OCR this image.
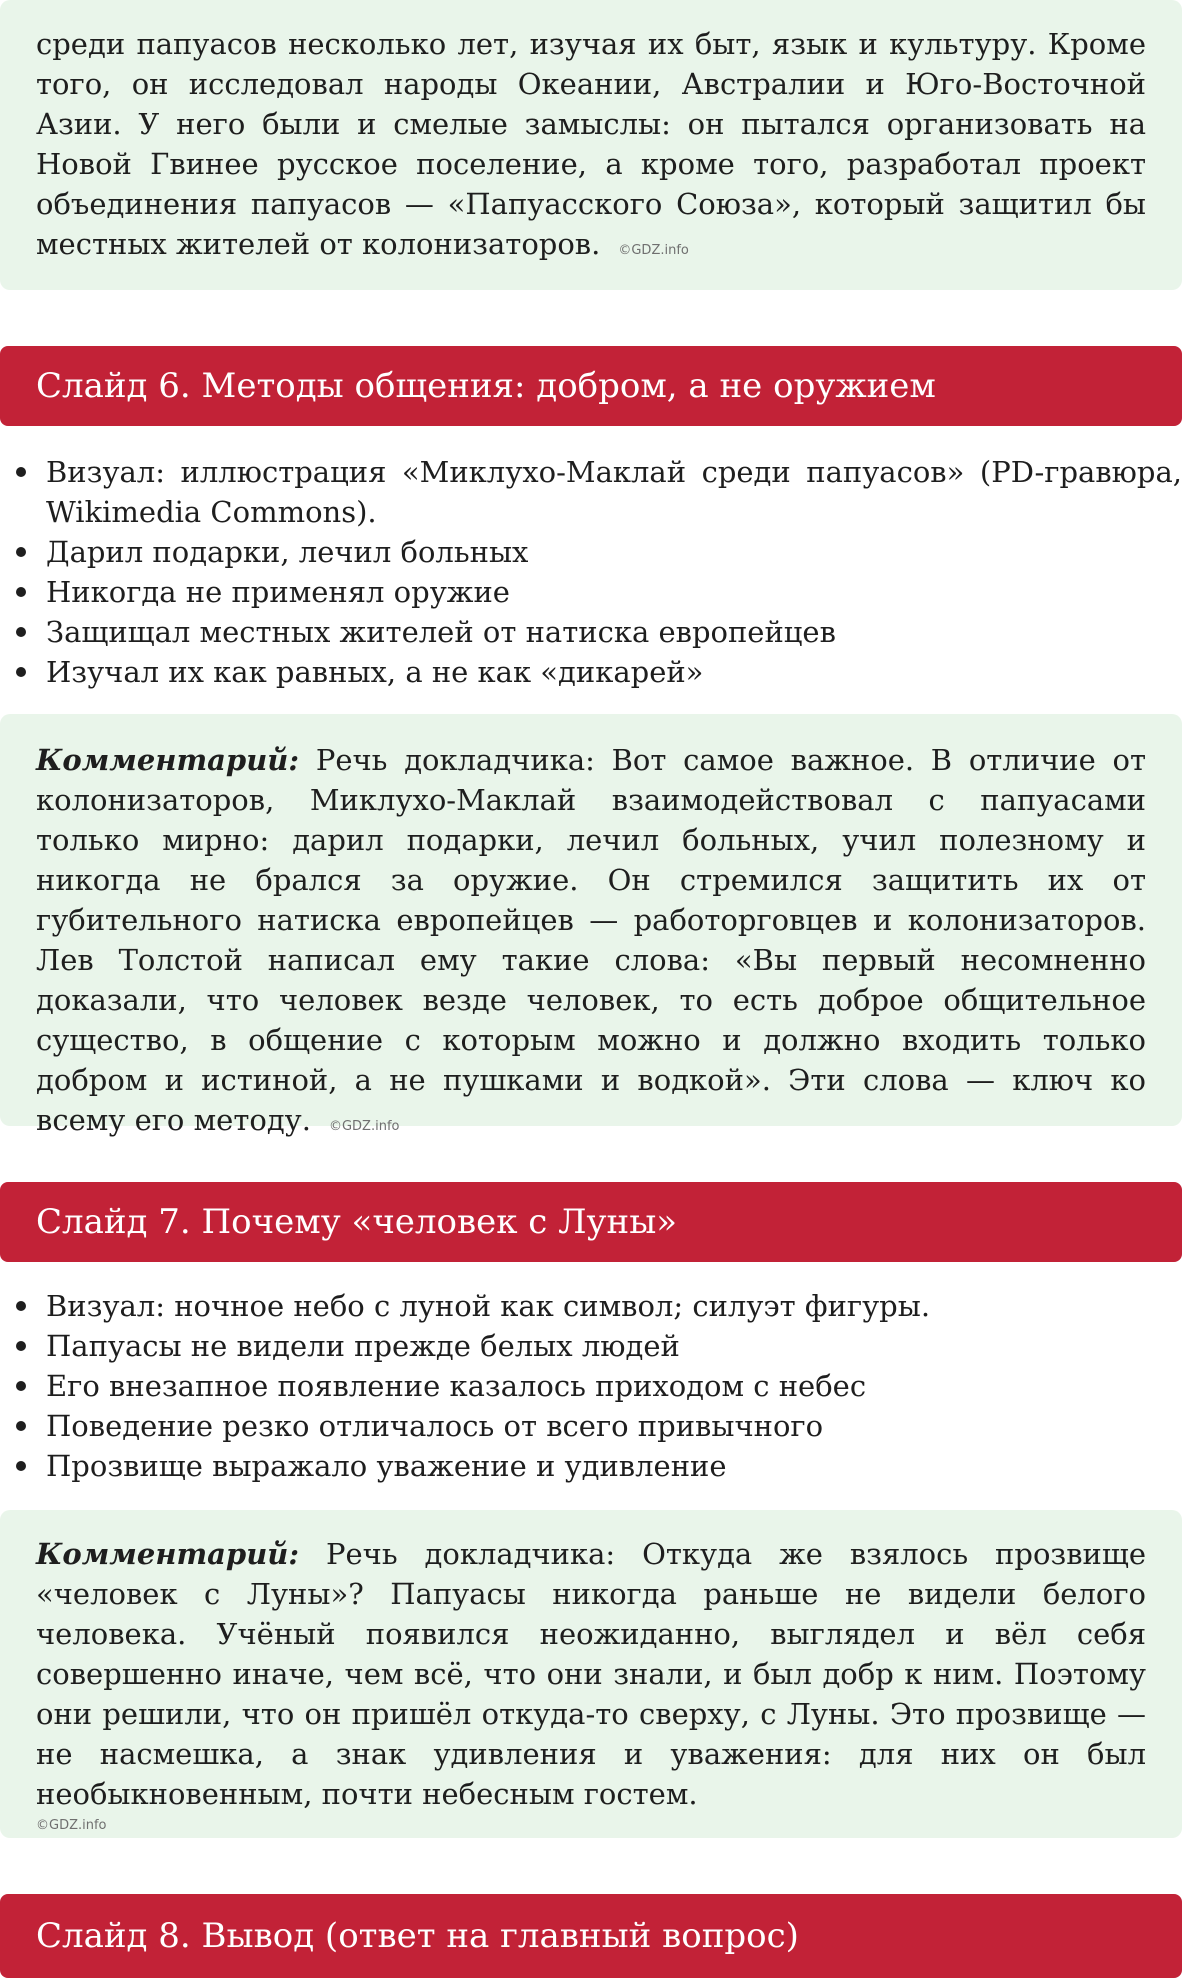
среди папуасов несколько лет, изучая их быт, язык и культуру. Кроме того, он исследовал народы Океании, Австралии и Юго-Восточной Азии. У него были и смелые замыслы: он пытался организовать на Новой Гвинее русское поселение, а кроме того, разработал проект объединения папуасов — «Папуасского Союза», который защитил бы местных жителей от колонизаторов. ©GDZ.info

Слайд 6. Методы общения: добром, а не оружием
Визуал: иллюстрация «Миклухо-Маклай среди папуасов» (PD-гравюра, Wikimedia Commons).
Дарил подарки, лечил больных
Никогда не применял оружие
Защищал местных жителей от натиска европейцев
Изучал их как равных, а не как «дикарей»

Комментарий: Речь докладчика: Вот самое важное. В отличие от колонизаторов, Миклухо-Маклай взаимодействовал с папуасами только мирно: дарил подарки, лечил больных, учил полезному и никогда не брался за оружие. Он стремился защитить их от губительного натиска европейцев — работорговцев и колонизаторов. Лев Толстой написал ему такие слова: «Вы первый несомненно доказали, что человек везде человек, то есть доброе общительное существо, в общение с которым можно и должно входить только добром и истиной, а не пушками и водкой». Эти слова — ключ ко всему его методу. ©GDZ.info

Слайд 7. Почему «человек с Луны»
Визуал: ночное небо с луной как символ; силуэт фигуры.
Папуасы не видели прежде белых людей
Его внезапное появление казалось приходом с небес
Поведение резко отличалось от всего привычного
Прозвище выражало уважение и удивление

Комментарий: Речь докладчика: Откуда же взялось прозвище «человек с Луны»? Папуасы никогда раньше не видели белого человека. Учёный появился неожиданно, выглядел и вёл себя совершенно иначе, чем всё, что они знали, и был добр к ним. Поэтому они решили, что он пришёл откуда-то сверху, с Луны. Это прозвище — не насмешка, а знак удивления и уважения: для них он был необыкновенным, почти небесным гостем.
©GDZ.info

Слайд 8. Вывод (ответ на главный вопрос)
